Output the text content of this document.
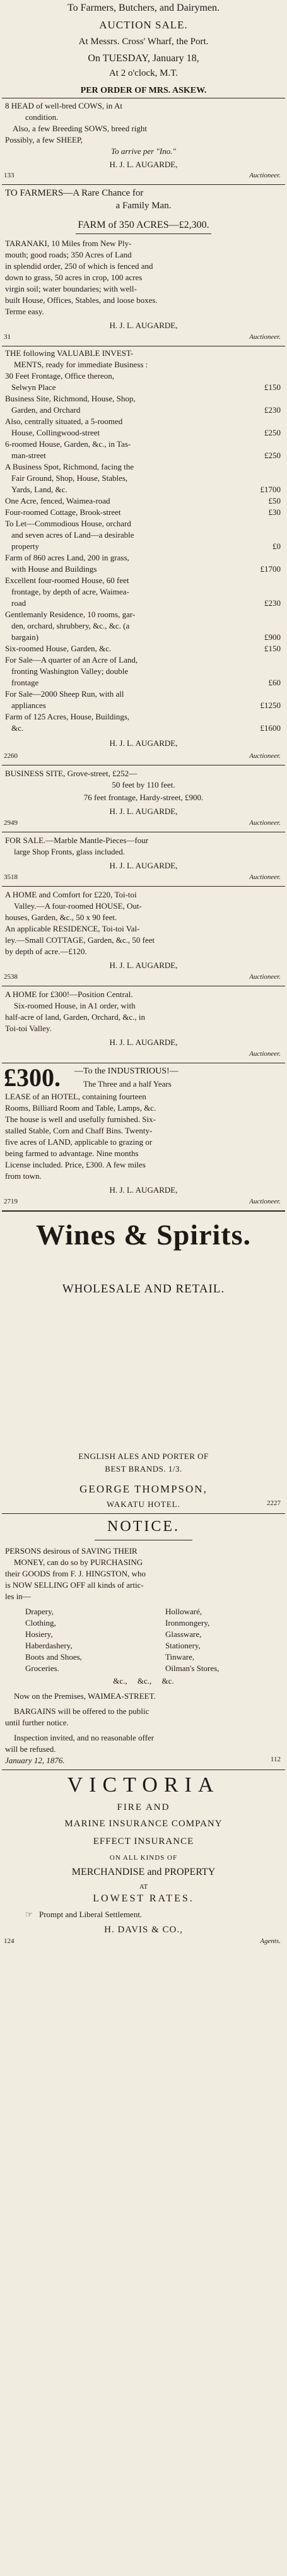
To Farmers, Butchers, and Dairymen.
AUCTION SALE.
At Messrs. Cross' Wharf, the Port.
On TUESDAY, January 18,
At 2 o'clock, M.T.
PER ORDER OF MRS. ASKEW.
8 HEAD of well-bred COWS, in At
condition.
Also, a few Breeding SOWS, breed right
Possibly, a few SHEEP,
To arrive per "Ino."
H. J. L. AUGARDE,
133	Auctioneer.
TO FARMERS—A Rare Chance for
a Family Man.
FARM of 350 ACRES—£2,300.
TARANAKI, 10 Miles from New Ply-
mouth; good roads; 350 Acres of Land
in splendid order, 250 of which is fenced and
down to grass, 50 acres in crop, 100 acres
virgin soil; water boundaries; with well-
built House, Offices, Stables, and loose boxes.
Terme easy.
H. J. L. AUGARDE,
31	Auctioneer.
THE following VALUABLE INVEST-
MENTS, ready for immediate Business :
30 Feet Frontage, Office thereon,
Selwyn Place	£150
Business Site, Richmond, House, Shop,
Garden, and Orchard	£230
Also, centrally situated, a 5-roomed
House, Collingwood-street	£250
6-roomed House, Garden, &c., in Tas-
man-street	£250
A Business Spot, Richmond, facing the
Fair Ground, Shop, House, Stables,
Yards, Land, &c.	£1700
One Acre, fenced, Waimea-road	£50
Four-roomed Cottage, Brook-street	£30
To Let—Commodious House, orchard
and seven acres of Land—a desirable
property	£0
Farm of 860 acres Land, 200 in grass,
with House and Buildings	£1700
Excellent four-roomed House, 60 feet
frontage, by depth of acre, Waimea-
road	£230
Gentlemanly Residence, 10 rooms, gar-
den, orchard, shrubbery, &c., &c. (a
bargain)	£900
Six-roomed House, Garden, &c.	£150
For Sale—A quarter of an Acre of Land,
fronting Washington Valley; double
frontage	£60
For Sale—2000 Sheep Run, with all
appliances	£1250
Farm of 125 Acres, House, Buildings,
&c.	£1600
H. J. L. AUGARDE,
2260	Auctioneer.
BUSINESS SITE, Grove-street, £252—
50 feet by 110 feet.
76 feet frontage, Hardy-street, £900.
H. J. L. AUGARDE,
2949	Auctioneer.
FOR SALE.—Marble Mantle-Pieces—four
large Shop Fronts, glass included.
H. J. L. AUGARDE,
3518	Auctioneer.
A HOME and Comfort for £220, Toi-toi
Valley.—A four-roomed HOUSE, Out-
houses, Garden, &c., 50 x 90 feet.
An applicable RESIDENCE, Toi-toi Val-
ley.—Small COTTAGE, Garden, &c., 50 feet
by depth of acre.—£120.
H. J. L. AUGARDE,
2538	Auctioneer.
A HOME for £300!—Position Central.
Six-roomed House, in A1 order, with
half-acre of land, Garden, Orchard, &c., in
Toi-toi Valley.
H. J. L. AUGARDE,
Auctioneer.
£300. —To the INDUSTRIOUS!—
The Three and a half Years
LEASE of an HOTEL, containing fourteen
Rooms, Billiard Room and Table, Lamps, &c.
The house is well and usefully furnished. Six-
stalled Stable, Corn and Chaff Bins. Twenty-
five acres of LAND, applicable to grazing or
being farmed to advantage. Nine months
License included. Price, £300. A few miles
from town.
H. J. L. AUGARDE,
2719	Auctioneer.
Wines & Spirits.
WHOLESALE AND RETAIL.
ENGLISH ALES AND PORTER OF
BEST BRANDS. 1/3.
GEORGE THOMPSON,
WAKATU HOTEL.	2227
NOTICE.
PERSONS desirous of SAVING THEIR
MONEY, can do so by PURCHASING
their GOODS from F. J. HINGSTON, who
is NOW SELLING OFF all kinds of artic-
les in—
Drapery,
Clothing,
Hosiery,
Haberdashery,
Boots and Shoes,
Groceries.
Hollowaré,
Ironmongery,
Glassware,
Stationery,
Tinware,
Oilman's Stores,
&c.,     &c.,     &c.
Now on the Premises, WAIMEA-STREET.
BARGAINS will be offered to the public
until further notice.
Inspection invited, and no reasonable offer
will be refused.
January 12, 1876.	112
VICTORIA
FIRE AND
MARINE INSURANCE COMPANY
EFFECT INSURANCE
ON ALL KINDS OF
MERCHANDISE and PROPERTY
AT
LOWEST RATES.
☞ Prompt and Liberal Settlement.
H. DAVIS & CO.,
124	Agents.
